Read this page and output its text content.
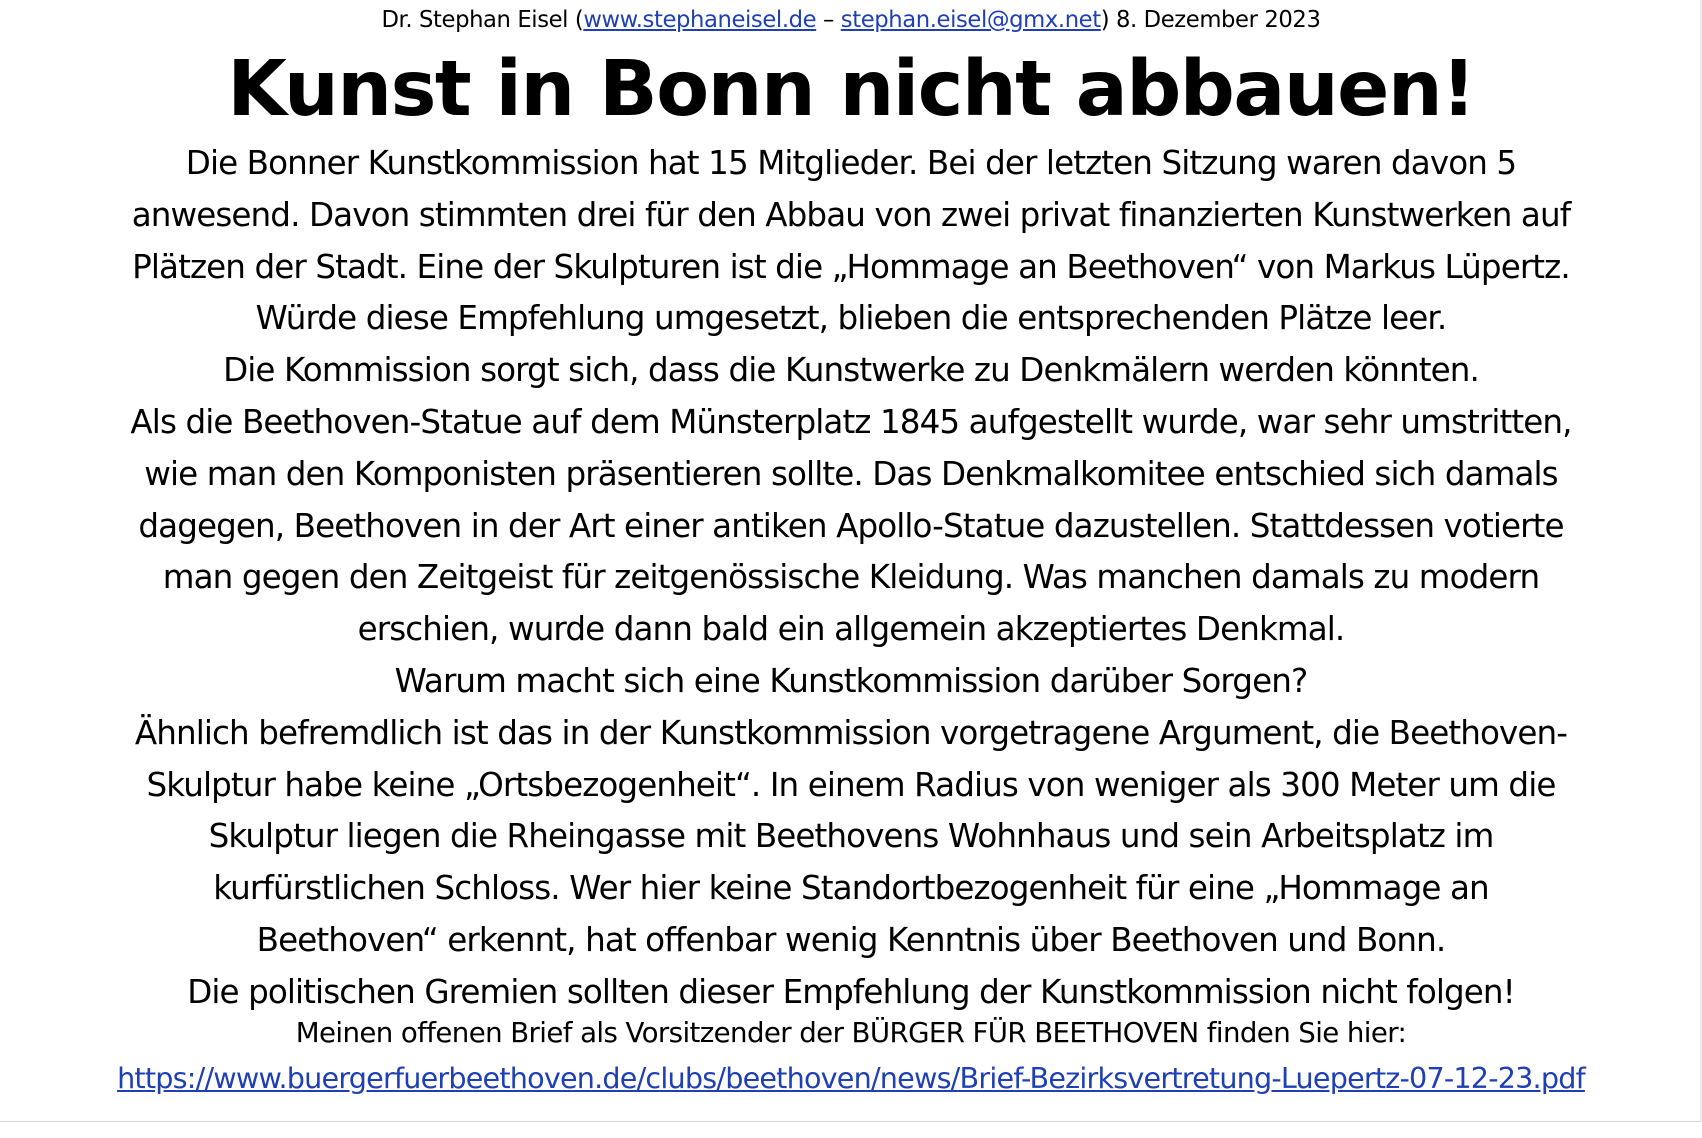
Dr. Stephan Eisel (www.stephaneisel.de – stephan.eisel@gmx.net) 8. Dezember 2023
Kunst in Bonn nicht abbauen!
Die Bonner Kunstkommission hat 15 Mitglieder. Bei der letzten Sitzung waren davon 5
anwesend. Davon stimmten drei für den Abbau von zwei privat finanzierten Kunstwerken auf
Plätzen der Stadt. Eine der Skulpturen ist die „Hommage an Beethoven“ von Markus Lüpertz.
Würde diese Empfehlung umgesetzt, blieben die entsprechenden Plätze leer.
Die Kommission sorgt sich, dass die Kunstwerke zu Denkmälern werden könnten.
Als die Beethoven-Statue auf dem Münsterplatz 1845 aufgestellt wurde, war sehr umstritten,
wie man den Komponisten präsentieren sollte. Das Denkmalkomitee entschied sich damals
dagegen, Beethoven in der Art einer antiken Apollo-Statue dazustellen. Stattdessen votierte
man gegen den Zeitgeist für zeitgenössische Kleidung. Was manchen damals zu modern
erschien, wurde dann bald ein allgemein akzeptiertes Denkmal.
Warum macht sich eine Kunstkommission darüber Sorgen?
Ähnlich befremdlich ist das in der Kunstkommission vorgetragene Argument, die Beethoven-
Skulptur habe keine „Ortsbezogenheit“. In einem Radius von weniger als 300 Meter um die
Skulptur liegen die Rheingasse mit Beethovens Wohnhaus und sein Arbeitsplatz im
kurfürstlichen Schloss. Wer hier keine Standortbezogenheit für eine „Hommage an
Beethoven“ erkennt, hat offenbar wenig Kenntnis über Beethoven und Bonn.
Die politischen Gremien sollten dieser Empfehlung der Kunstkommission nicht folgen!
Meinen offenen Brief als Vorsitzender der BÜRGER FÜR BEETHOVEN finden Sie hier:
https://www.buergerfuerbeethoven.de/clubs/beethoven/news/Brief-Bezirksvertretung-Luepertz-07-12-23.pdf
